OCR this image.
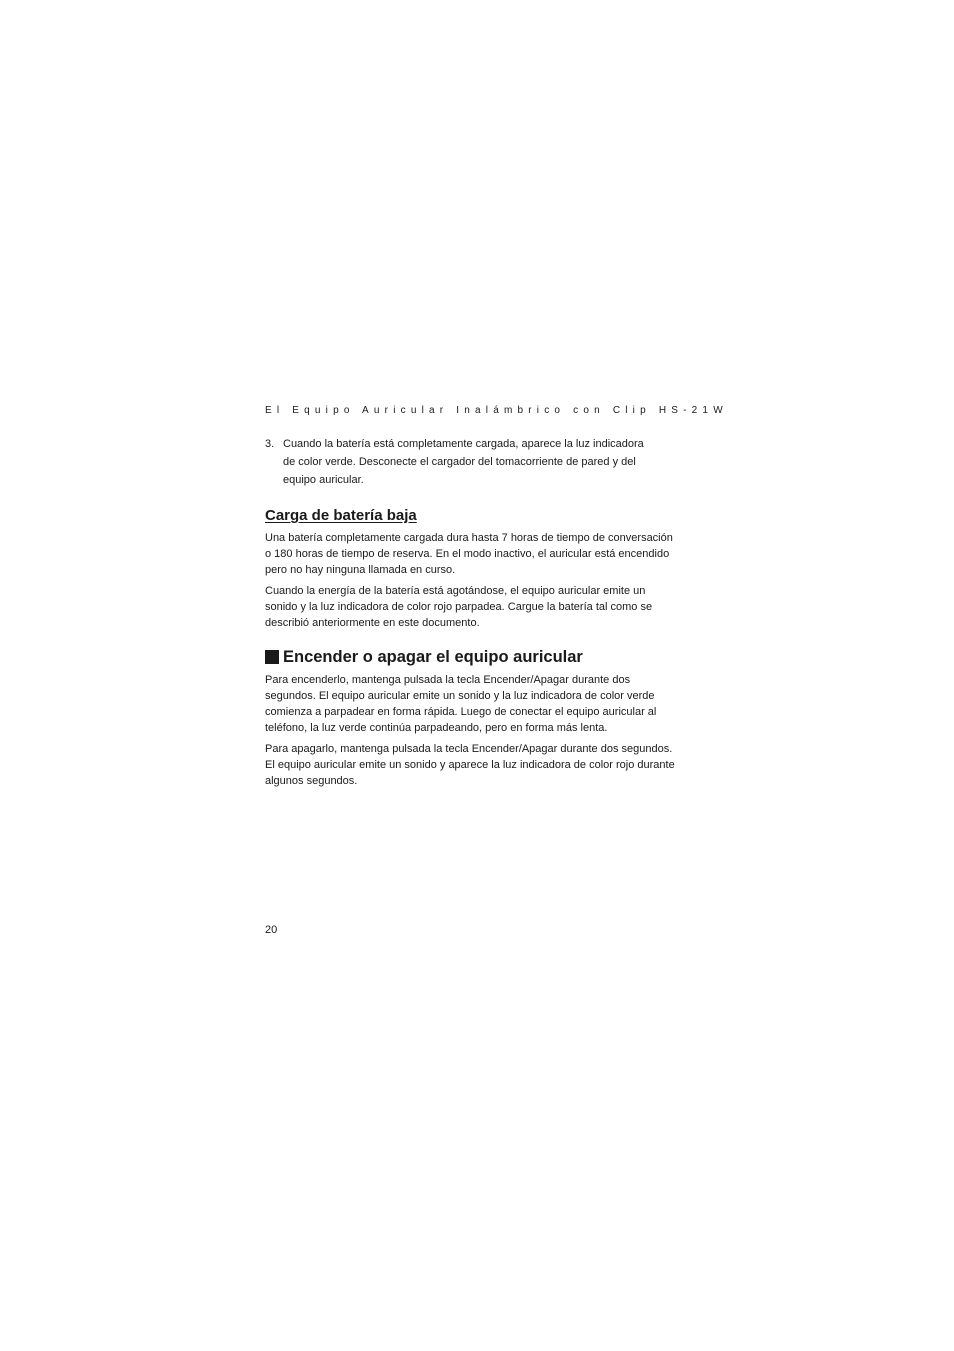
El Equipo Auricular Inalámbrico con Clip HS-21W
3. Cuando la batería está completamente cargada, aparece la luz indicadora de color verde. Desconecte el cargador del tomacorriente de pared y del equipo auricular.
Carga de batería baja

Una batería completamente cargada dura hasta 7 horas de tiempo de conversación o 180 horas de tiempo de reserva. En el modo inactivo, el auricular está encendido pero no hay ninguna llamada en curso.

Cuando la energía de la batería está agotándose, el equipo auricular emite un sonido y la luz indicadora de color rojo parpadea. Cargue la batería tal como se describió anteriormente en este documento.

Encender o apagar el equipo auricular

Para encenderlo, mantenga pulsada la tecla Encender/Apagar durante dos segundos. El equipo auricular emite un sonido y la luz indicadora de color verde comienza a parpadear en forma rápida. Luego de conectar el equipo auricular al teléfono, la luz verde continúa parpadeando, pero en forma más lenta.

Para apagarlo, mantenga pulsada la tecla Encender/Apagar durante dos segundos. El equipo auricular emite un sonido y aparece la luz indicadora de color rojo durante algunos segundos.

20
